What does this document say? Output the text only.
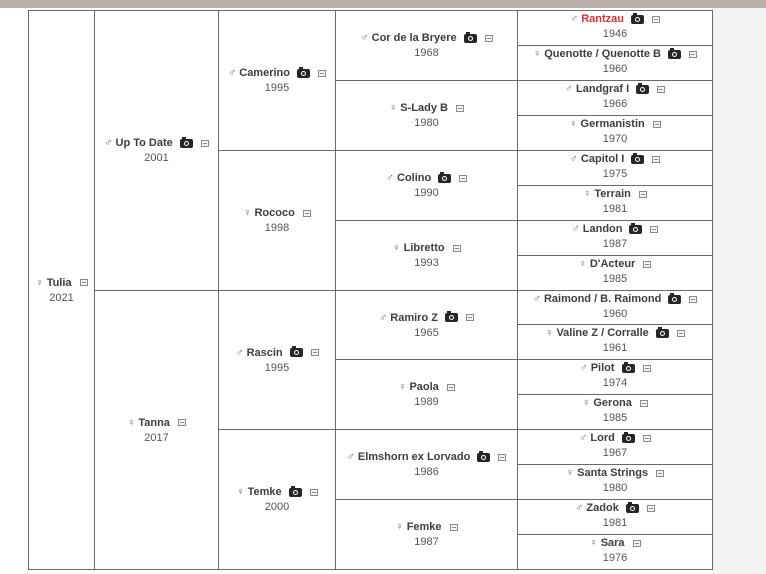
♀ Tulia
2021
♂ Up To Date
2001
♀ Tanna
2017
♂ Camerino
1995
♀ Rococo
1998
♂ Rascin
1995
♀ Temke
2000
♂ Cor de la Bryere
1968
♀ S-Lady B
1980
♂ Colino
1990
♀ Libretto
1993
♂ Ramiro Z
1965
♀ Paola
1989
♂ Elmshorn ex Lorvado
1986
♀ Femke
1987
♂ Rantzau
1946
♀ Quenotte / Quenotte B
1960
♂ Landgraf I
1966
♀ Germanistin
1970
♂ Capitol I
1975
♀ Terrain
1981
♂ Landon
1987
♀ D'Acteur
1985
♂ Raimond / B. Raimond
1960
♀ Valine Z / Corralle
1961
♂ Pilot
1974
♀ Gerona
1985
♂ Lord
1967
♀ Santa Strings
1980
♂ Zadok
1981
♀ Sara
1976
